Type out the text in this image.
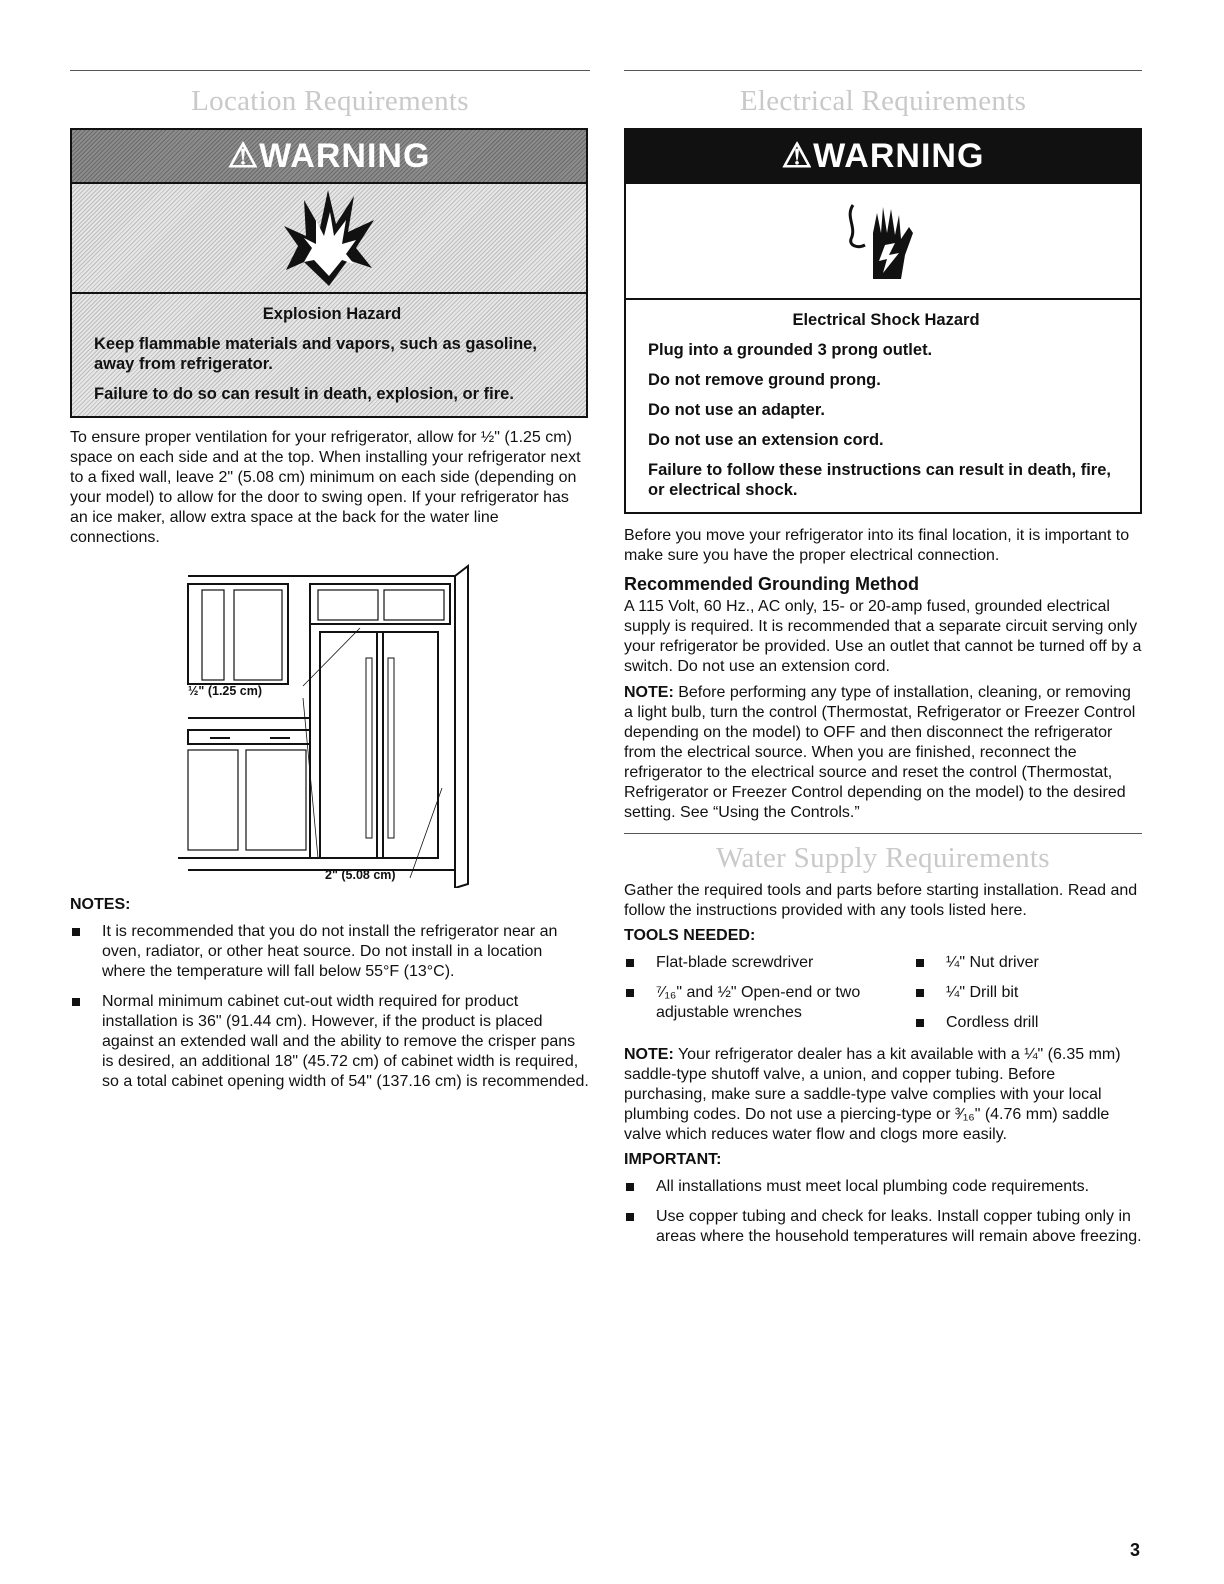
Location Requirements
⚠WARNING
Explosion Hazard

Keep flammable materials and vapors, such as gasoline, away from refrigerator.

Failure to do so can result in death, explosion, or fire.

To ensure proper ventilation for your refrigerator, allow for ½" (1.25 cm) space on each side and at the top. When installing your refrigerator next to a fixed wall, leave 2" (5.08 cm) minimum on each side (depending on your model) to allow for the door to swing open. If your refrigerator has an ice maker, allow extra space at the back for the water line connections.

½" (1.25 cm)
2" (5.08 cm)
NOTES:
It is recommended that you do not install the refrigerator near an oven, radiator, or other heat source. Do not install in a location where the temperature will fall below 55°F (13°C).
Normal minimum cabinet cut-out width required for product installation is 36" (91.44 cm). However, if the product is placed against an extended wall and the ability to remove the crisper pans is desired, an additional 18" (45.72 cm) of cabinet width is required, so a total cabinet opening width of 54" (137.16 cm) is recommended.
Electrical Requirements
⚠WARNING
Electrical Shock Hazard

Plug into a grounded 3 prong outlet.

Do not remove ground prong.

Do not use an adapter.

Do not use an extension cord.

Failure to follow these instructions can result in death, fire, or electrical shock.

Before you move your refrigerator into its final location, it is important to make sure you have the proper electrical connection.

Recommended Grounding Method

A 115 Volt, 60 Hz., AC only, 15- or 20-amp fused, grounded electrical supply is required. It is recommended that a separate circuit serving only your refrigerator be provided. Use an outlet that cannot be turned off by a switch. Do not use an extension cord.

NOTE: Before performing any type of installation, cleaning, or removing a light bulb, turn the control (Thermostat, Refrigerator or Freezer Control depending on the model) to OFF and then disconnect the refrigerator from the electrical source. When you are finished, reconnect the refrigerator to the electrical source and reset the control (Thermostat, Refrigerator or Freezer Control depending on the model) to the desired setting. See “Using the Controls.”

Water Supply Requirements

Gather the required tools and parts before starting installation. Read and follow the instructions provided with any tools listed here.

TOOLS NEEDED:
Flat-blade screwdriver
⁷⁄₁₆" and ½" Open-end or two adjustable wrenches
¼" Nut driver
¼" Drill bit
Cordless drill

NOTE: Your refrigerator dealer has a kit available with a ¼" (6.35 mm) saddle-type shutoff valve, a union, and copper tubing. Before purchasing, make sure a saddle-type valve complies with your local plumbing codes. Do not use a piercing-type or ³⁄₁₆" (4.76 mm) saddle valve which reduces water flow and clogs more easily.

IMPORTANT:
All installations must meet local plumbing code requirements.
Use copper tubing and check for leaks. Install copper tubing only in areas where the household temperatures will remain above freezing.
3
